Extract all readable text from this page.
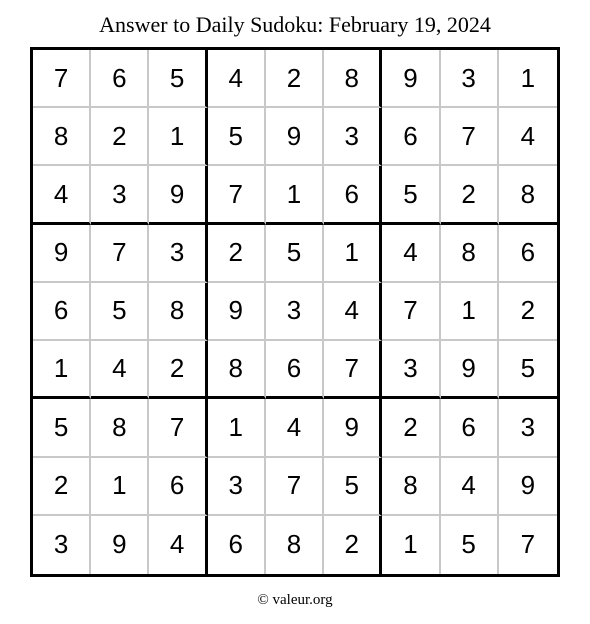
Answer to Daily Sudoku: February 19, 2024
7	6	5	4	2	8	9	3	1
8	2	1	5	9	3	6	7	4
4	3	9	7	1	6	5	2	8
9	7	3	2	5	1	4	8	6
6	5	8	9	3	4	7	1	2
1	4	2	8	6	7	3	9	5
5	8	7	1	4	9	2	6	3
2	1	6	3	7	5	8	4	9
3	9	4	6	8	2	1	5	7
© valeur.org
